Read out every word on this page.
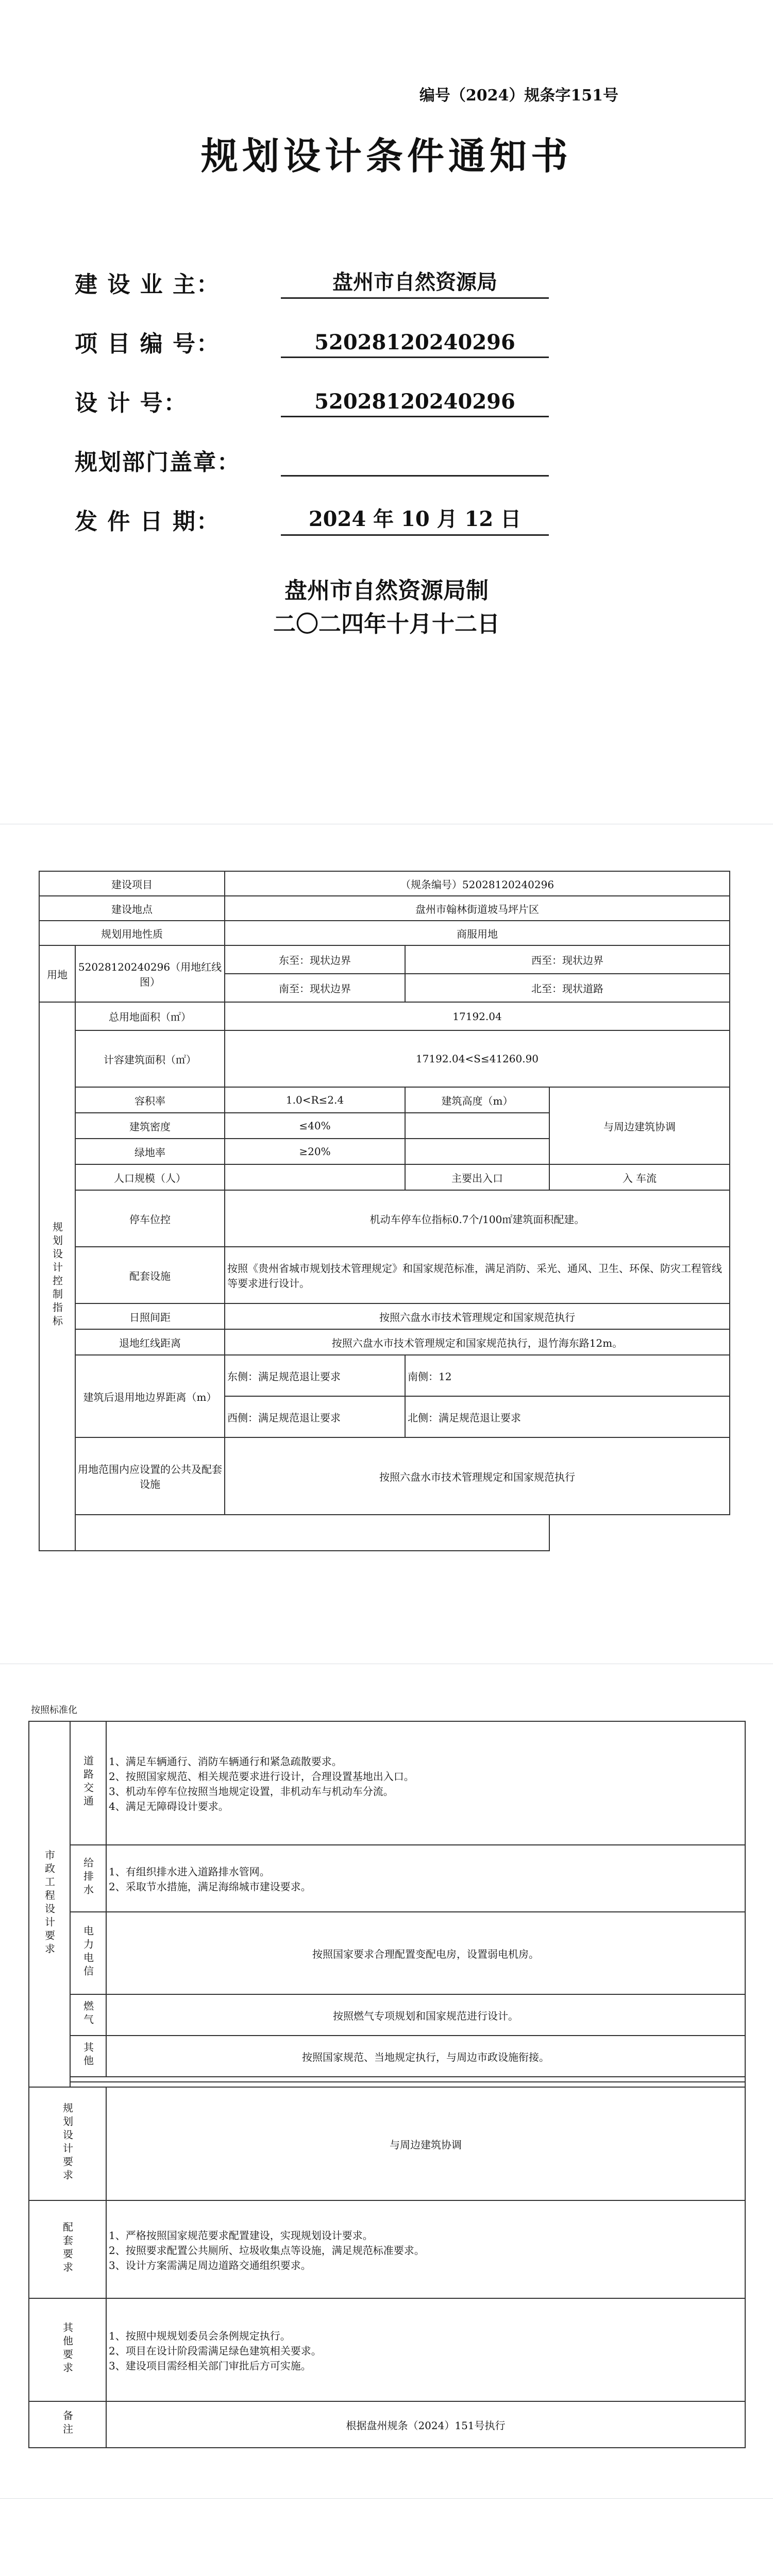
编号（2024）规条字151号
规划设计条件通知书
建 设 业 主：	盘州市自然资源局
项 目 编 号：	52028120240296
设 计 号：	52028120240296
规划部门盖章：
发 件 日 期：	2024 年 10 月 12 日
盘州市自然资源局制
二〇二四年十月十二日
建设项目		（规条编号）52028120240296		
建设地点		盘州市翰林街道坡马坪片区		
规划用地性质		商服用地		
用地	52028120240296（用地红线图）	东至：现状边界	西至：现状边界	
		南至：现状边界	北至：现状道路	
规划设计控制指标	总用地面积（㎡）	17192.04		
	计容建筑面积（㎡）	17192.04<S≤41260.90		
	容积率	1.0<R≤2.4	建筑高度（m）	与周边建筑协调
	建筑密度	≤40%		
	绿地率	≥20%		
	人口规模（人）		主要出入口	入 车流
	停车位控	机动车停车位指标0.7个/100㎡建筑面积配建。		
	配套设施	按照《贵州省城市规划技术管理规定》和国家规范标准，满足消防、采光、通风、卫生、环保、防灾工程管线等要求进行设计。		
	日照间距	按照六盘水市技术管理规定和国家规范执行		
	退地红线距离	按照六盘水市技术管理规定和国家规范执行，退竹海东路12m。		
	建筑后退用地边界距离（m）	东侧：满足规范退让要求	南侧：12	
		西侧：满足规范退让要求	北侧：满足规范退让要求	
	用地范围内应设置的公共及配套设施	按照六盘水市技术管理规定和国家规范执行		

按照标准化
市政工程设计要求	道路交通	1、满足车辆通行、消防车辆通行和紧急疏散要求。
2、按照国家规范、相关规范要求进行设计，合理设置基地出入口。
3、机动车停车位按照当地规定设置，非机动车与机动车分流。
4、满足无障碍设计要求。

	给排水	1、有组织排水进入道路排水管网。
2、采取节水措施，满足海绵城市建设要求。

	电力电信	按照国家要求合理配置变配电房，设置弱电机房。

	燃气	按照燃气专项规划和国家规范进行设计。

	其他	按照国家规范、当地规定执行，与周边市政设施衔接。

规划设计要求		与周边建筑协调
配套要求		1、严格按照国家规范要求配置建设，实现规划设计要求。
2、按照要求配置公共厕所、垃圾收集点等设施，满足规范标准要求。
3、设计方案需满足周边道路交通组织要求。

其他要求		1、按照中规规划委员会条例规定执行。
2、项目在设计阶段需满足绿色建筑相关要求。
3、建设项目需经相关部门审批后方可实施。

备注		根据盘州规条（2024）151号执行
